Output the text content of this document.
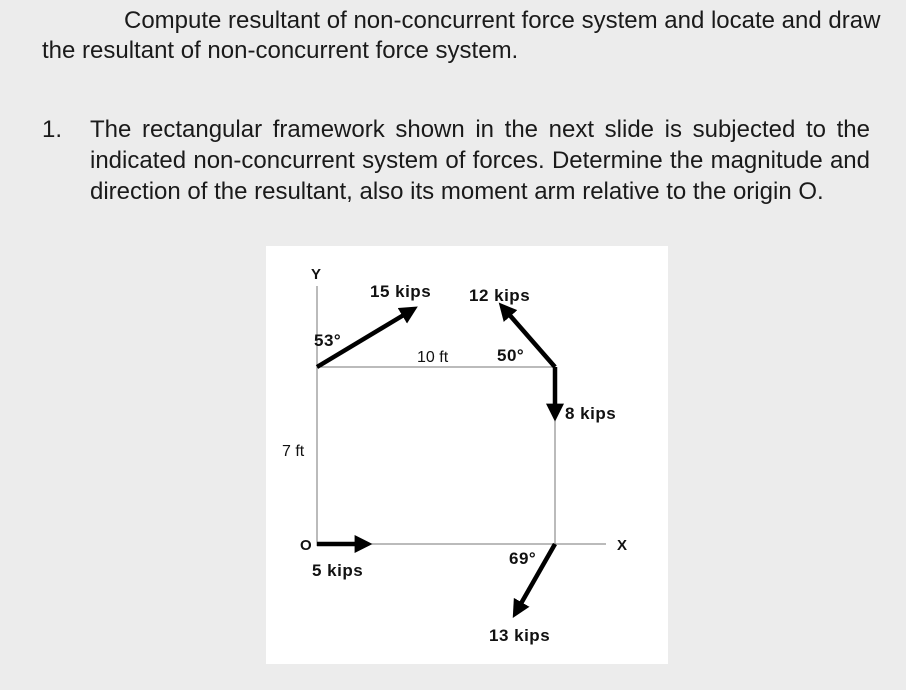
Compute resultant of non-concurrent force system and locate and draw the resultant of non-concurrent force system.

1. The rectangular framework shown in the next slide is subjected to the indicated non-concurrent system of forces. Determine the magnitude and direction of the resultant, also its moment arm relative to the origin O.

Y
X
O
10 ft
7 ft
15 kips
53°
12 kips
50°
8 kips
5 kips
69°
13 kips
